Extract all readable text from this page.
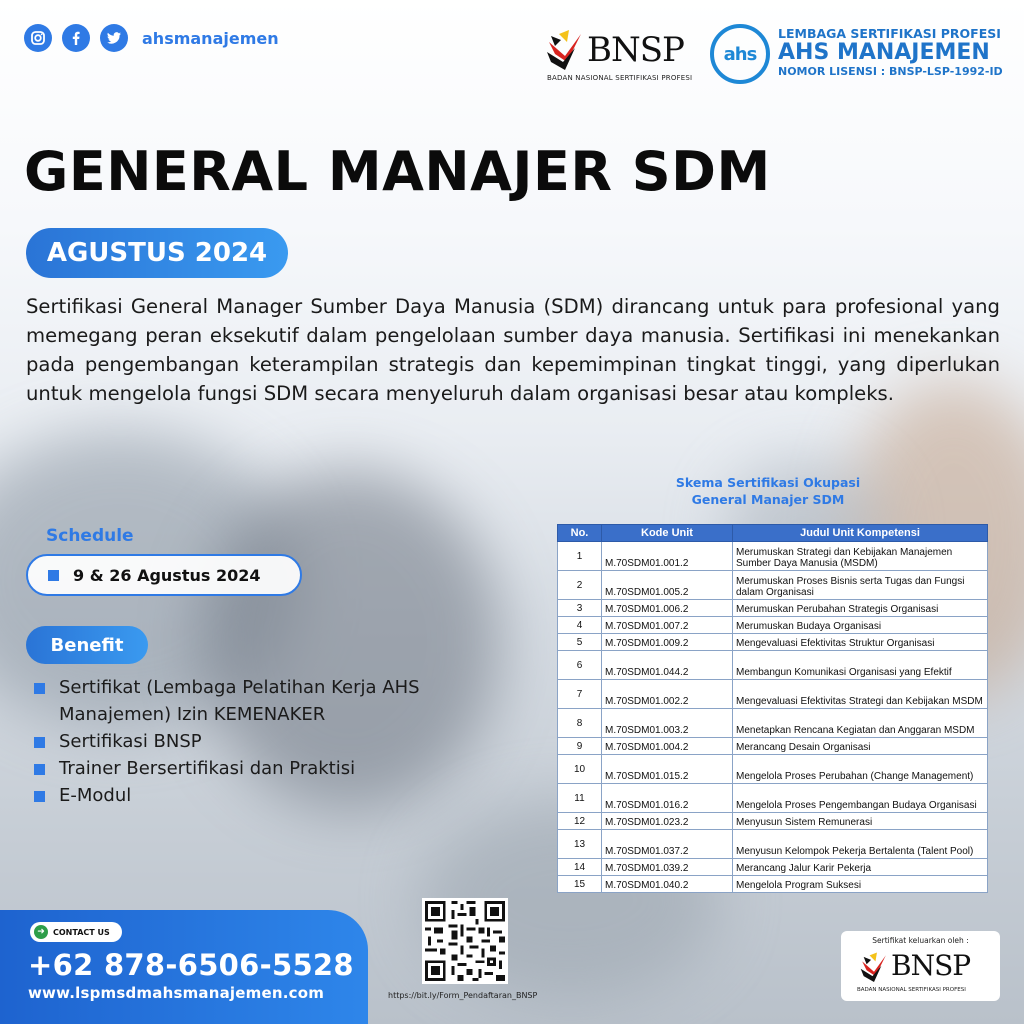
ahsmanajemen	BNSP
BADAN NASIONAL SERTIFIKASI PROFESI
ahs
LEMBAGA SERTIFIKASI PROFESI
AHS MANAJEMEN
NOMOR LISENSI : BNSP-LSP-1992-ID
GENERAL MANAJER SDM
AGUSTUS 2024

Sertifikasi General Manager Sumber Daya Manusia (SDM) dirancang untuk para profesional yang memegang peran eksekutif dalam pengelolaan sumber daya manusia. Sertifikasi ini menekankan pada pengembangan keterampilan strategis dan kepemimpinan tingkat tinggi, yang diperlukan untuk mengelola fungsi SDM secara menyeluruh dalam organisasi besar atau kompleks.

Schedule
9 & 26 Agustus 2024
Benefit
Sertifikat (Lembaga Pelatihan Kerja AHS Manajemen) Izin KEMENAKER
Sertifikasi BNSP
Trainer Bersertifikasi dan Praktisi
E-Modul
Skema Sertifikasi Okupasi
General Manajer SDM
No.	Kode Unit	Judul Unit Kompetensi
1	M.70SDM01.001.2	Merumuskan Strategi dan Kebijakan Manajemen Sumber Daya Manusia (MSDM)
2	M.70SDM01.005.2	Merumuskan Proses Bisnis serta Tugas dan Fungsi dalam Organisasi
3	M.70SDM01.006.2	Merumuskan Perubahan Strategis Organisasi
4	M.70SDM01.007.2	Merumuskan Budaya Organisasi
5	M.70SDM01.009.2	Mengevaluasi Efektivitas Struktur Organisasi
6	M.70SDM01.044.2	Membangun Komunikasi Organisasi yang Efektif
7	M.70SDM01.002.2	Mengevaluasi Efektivitas Strategi dan Kebijakan MSDM
8	M.70SDM01.003.2	Menetapkan Rencana Kegiatan dan Anggaran MSDM
9	M.70SDM01.004.2	Merancang Desain Organisasi
10	M.70SDM01.015.2	Mengelola Proses Perubahan (Change Management)
11	M.70SDM01.016.2	Mengelola Proses Pengembangan Budaya Organisasi
12	M.70SDM01.023.2	Menyusun Sistem Remunerasi
13	M.70SDM01.037.2	Menyusun Kelompok Pekerja Bertalenta (Talent Pool)
14	M.70SDM01.039.2	Merancang Jalur Karir Pekerja
15	M.70SDM01.040.2	Mengelola Program Suksesi
➜	CONTACT US
+62 878-6506-5528
www.lspmsdmahsmanajemen.com	https://bit.ly/Form_Pendaftaran_BNSP
Sertifikat keluarkan oleh :
BNSP
BADAN NASIONAL SERTIFIKASI PROFESI
